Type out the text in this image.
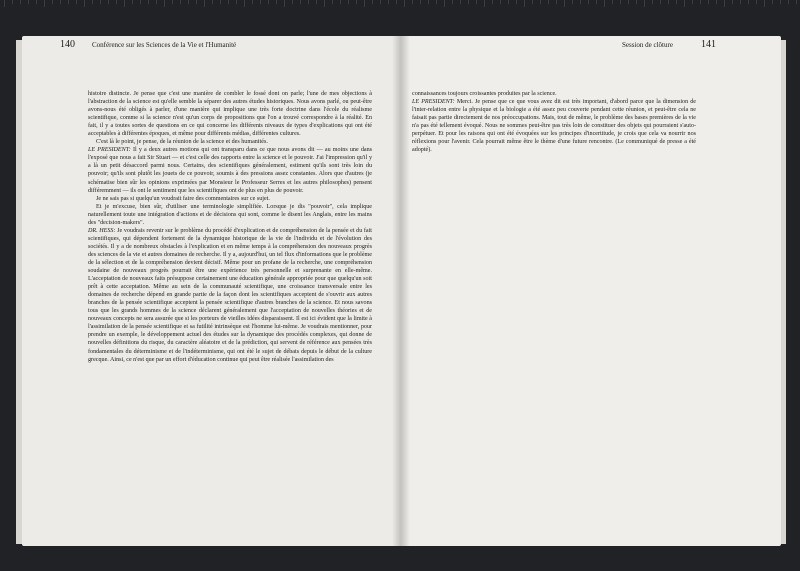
140 Conférence sur les Sciences de la Vie et l'Humanité	Session de clôture	141

histoire distincte. Je pense que c'est une manière de combler le fossé dont on parle; l'une de mes objections à l'abstraction de la science est qu'elle semble la séparer des autres études historiques. Nous avons parlé, ou peut-être avons-nous été obligés à parler, d'une manière qui implique une très forte doctrine dans l'école du réalisme scientifique, comme si la science n'est qu'un corps de propositions que l'on a trouvé correspondre à la réalité. En fait, il y a toutes sortes de questions en ce qui concerne les différents niveaux de types d'explications qui ont été acceptables à différentes époques, et même pour différents médias, différentes cultures.

C'est là le point, je pense, de la réunion de la science et des humanités.

LE PRESIDENT: Il y a deux autres motions qui ont transparu dans ce que nous avons dit — au moins une dans l'exposé que nous a fait Sir Stuart — et c'est celle des rapports entre la science et le pouvoir. J'ai l'impression qu'il y a là un petit désaccord parmi nous. Certains, des scientifiques généralement, estiment qu'ils sont très loin du pouvoir; qu'ils sont plutôt les jouets de ce pouvoir, soumis à des pressions assez constantes. Alors que d'autres (je schématise bien sûr les opinions exprimées par Monsieur le Professeur Serres et les autres philosophes) pensent différemment — ils ont le sentiment que les scientifiques ont de plus en plus de pouvoir.

Je ne sais pas si quelqu'un voudrait faire des commentaires sur ce sujet.

Et je m'excuse, bien sûr, d'utiliser une terminologie simplifiée. Lorsque je dis "pouvoir", cela implique naturellement toute une intégration d'actions et de décisions qui sont, comme le disent les Anglais, entre les mains des "decision-makers".

DR. HESS: Je voudrais revenir sur le problème du procédé d'explication et de compréhension de la pensée et du fait scientifiques, qui dépendent fortement de la dynamique historique de la vie de l'individu et de l'évolution des sociétés. Il y a de nombreux obstacles à l'explication et en même temps à la compréhension des nouveaux progrès des sciences de la vie et autres domaines de recherche. Il y a, aujourd'hui, un tel flux d'informations que le problème de la sélection et de la compréhension devient décisif. Même pour un profane de la recherche, une compréhension soudaine de nouveaux progrès pourrait être une expérience très personnelle et surprenante en elle-même. L'acceptation de nouveaux faits présuppose certainement une éducation générale appropriée pour que quelqu'un soit prêt à cette acceptation. Même au sein de la communauté scientifique, une croissance transversale entre les domaines de recherche dépend en grande partie de la façon dont les scientifiques acceptent de s'ouvrir aux autres branches de la pensée scientifique acceptent la pensée scientifique d'autres branches de la science. Et nous savons tous que les grands hommes de la science déclarent généralement que l'acceptation de nouvelles théories et de nouveaux concepts ne sera assurée que si les porteurs de vieilles idées disparaissent. Il est ici évident que la limite à l'assimilation de la pensée scientifique et sa futilité intrinsèque est l'homme lui-même. Je voudrais mentionner, pour prendre un exemple, le développement actuel des études sur la dynamique des procédés complexes, qui donne de nouvelles définitions du risque, du caractère aléatoire et de la prédiction, qui servent de référence aux pensées très fondamentales du déterminisme et de l'indéterminisme, qui ont été le sujet de débats depuis le début de la culture grecque. Ainsi, ce n'est que par un effort d'éducation continue qui peut être réalisée l'assimilation des

connaissances toujours croissantes produites par la science.

LE PRESIDENT: Merci. Je pense que ce que vous avez dit est très important, d'abord parce que la dimension de l'inter-relation entre la physique et la biologie a été assez peu couverte pendant cette réunion, et peut-être cela ne faisait pas partie directement de nos préoccupations. Mais, tout de même, le problème des bases premières de la vie n'a pas été tellement évoqué. Nous ne sommes peut-être pas très loin de constituer des objets qui pourraient s'auto-perpétuer. Et pour les raisons qui ont été évoquées sur les principes d'incertitude, je crois que cela va nourrir nos réflexions pour l'avenir. Cela pourrait même être le thème d'une future rencontre. (Le communiqué de presse a été adopté).
